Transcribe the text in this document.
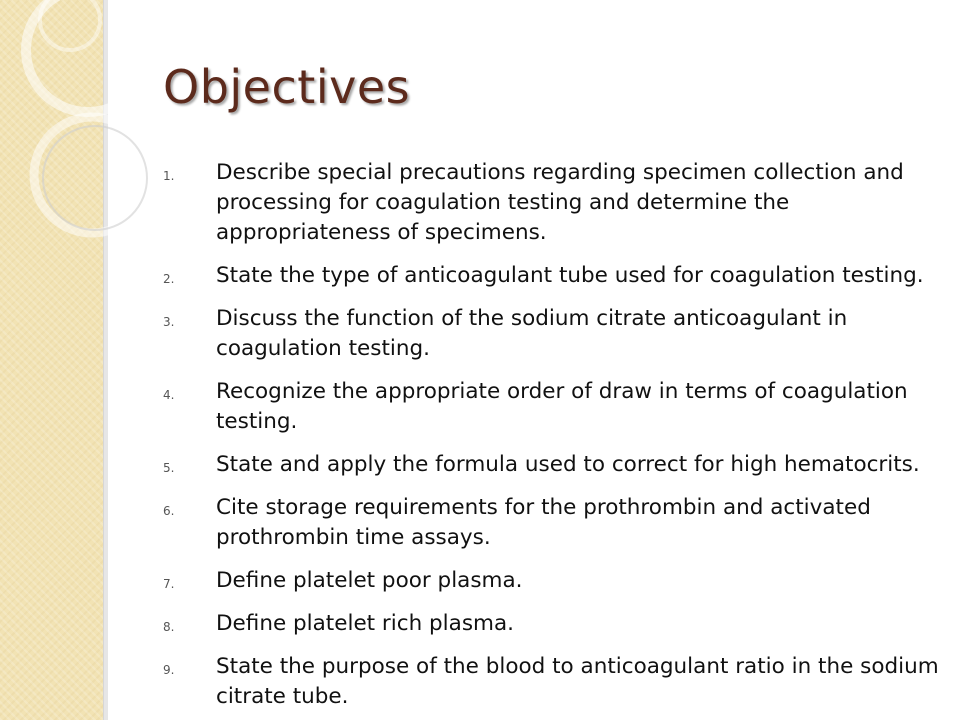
Objectives
1. Describe special precautions regarding specimen collection and processing for coagulation testing and determine the appropriateness of specimens.
2. State the type of anticoagulant tube used for coagulation testing.
3. Discuss the function of the sodium citrate anticoagulant in coagulation testing.
4. Recognize the appropriate order of draw in terms of coagulation testing.
5. State and apply the formula used to correct for high hematocrits.
6. Cite storage requirements for the prothrombin and activated prothrombin time assays.
7. Define platelet poor plasma.
8. Define platelet rich plasma.
9. State the purpose of the blood to anticoagulant ratio in the sodium citrate tube.
